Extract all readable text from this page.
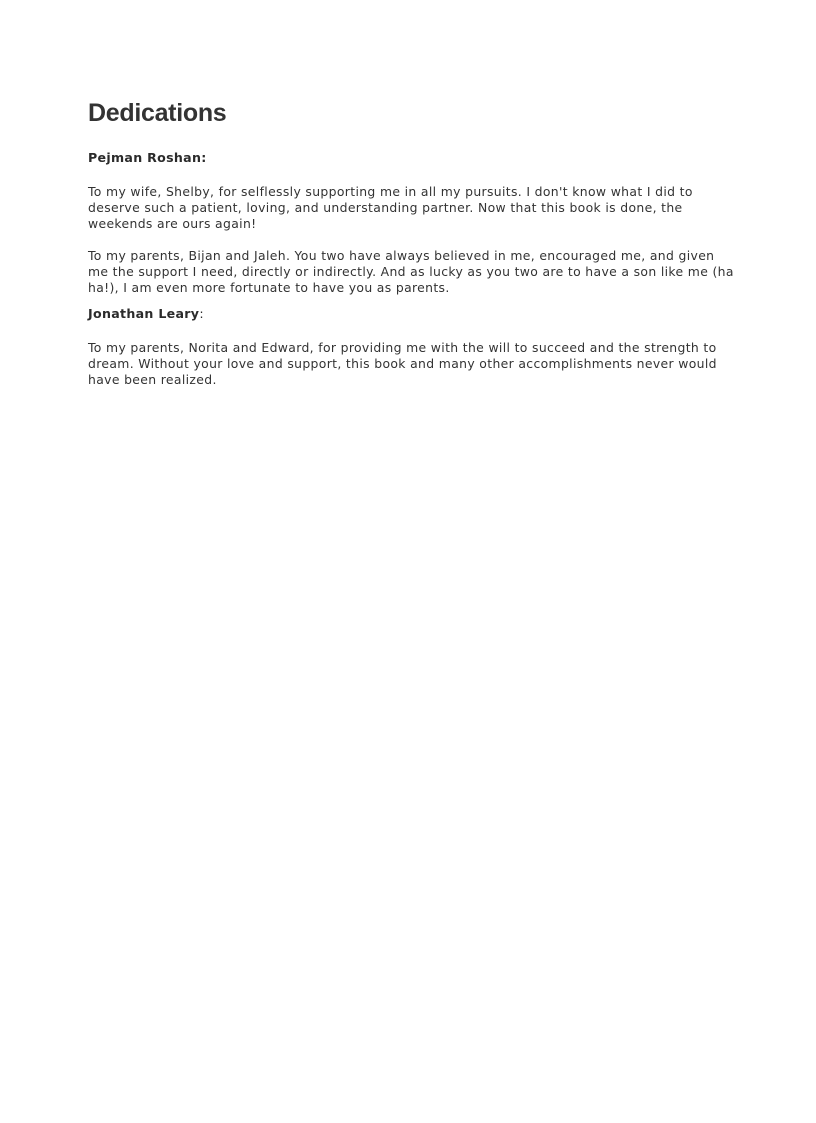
Dedications

Pejman Roshan:

To my wife, Shelby, for selflessly supporting me in all my pursuits. I don't know what I did to deserve such a patient, loving, and understanding partner. Now that this book is done, the weekends are ours again!

To my parents, Bijan and Jaleh. You two have always believed in me, encouraged me, and given me the support I need, directly or indirectly. And as lucky as you two are to have a son like me (ha ha!), I am even more fortunate to have you as parents.

Jonathan Leary:

To my parents, Norita and Edward, for providing me with the will to succeed and the strength to dream. Without your love and support, this book and many other accomplishments never would have been realized.
